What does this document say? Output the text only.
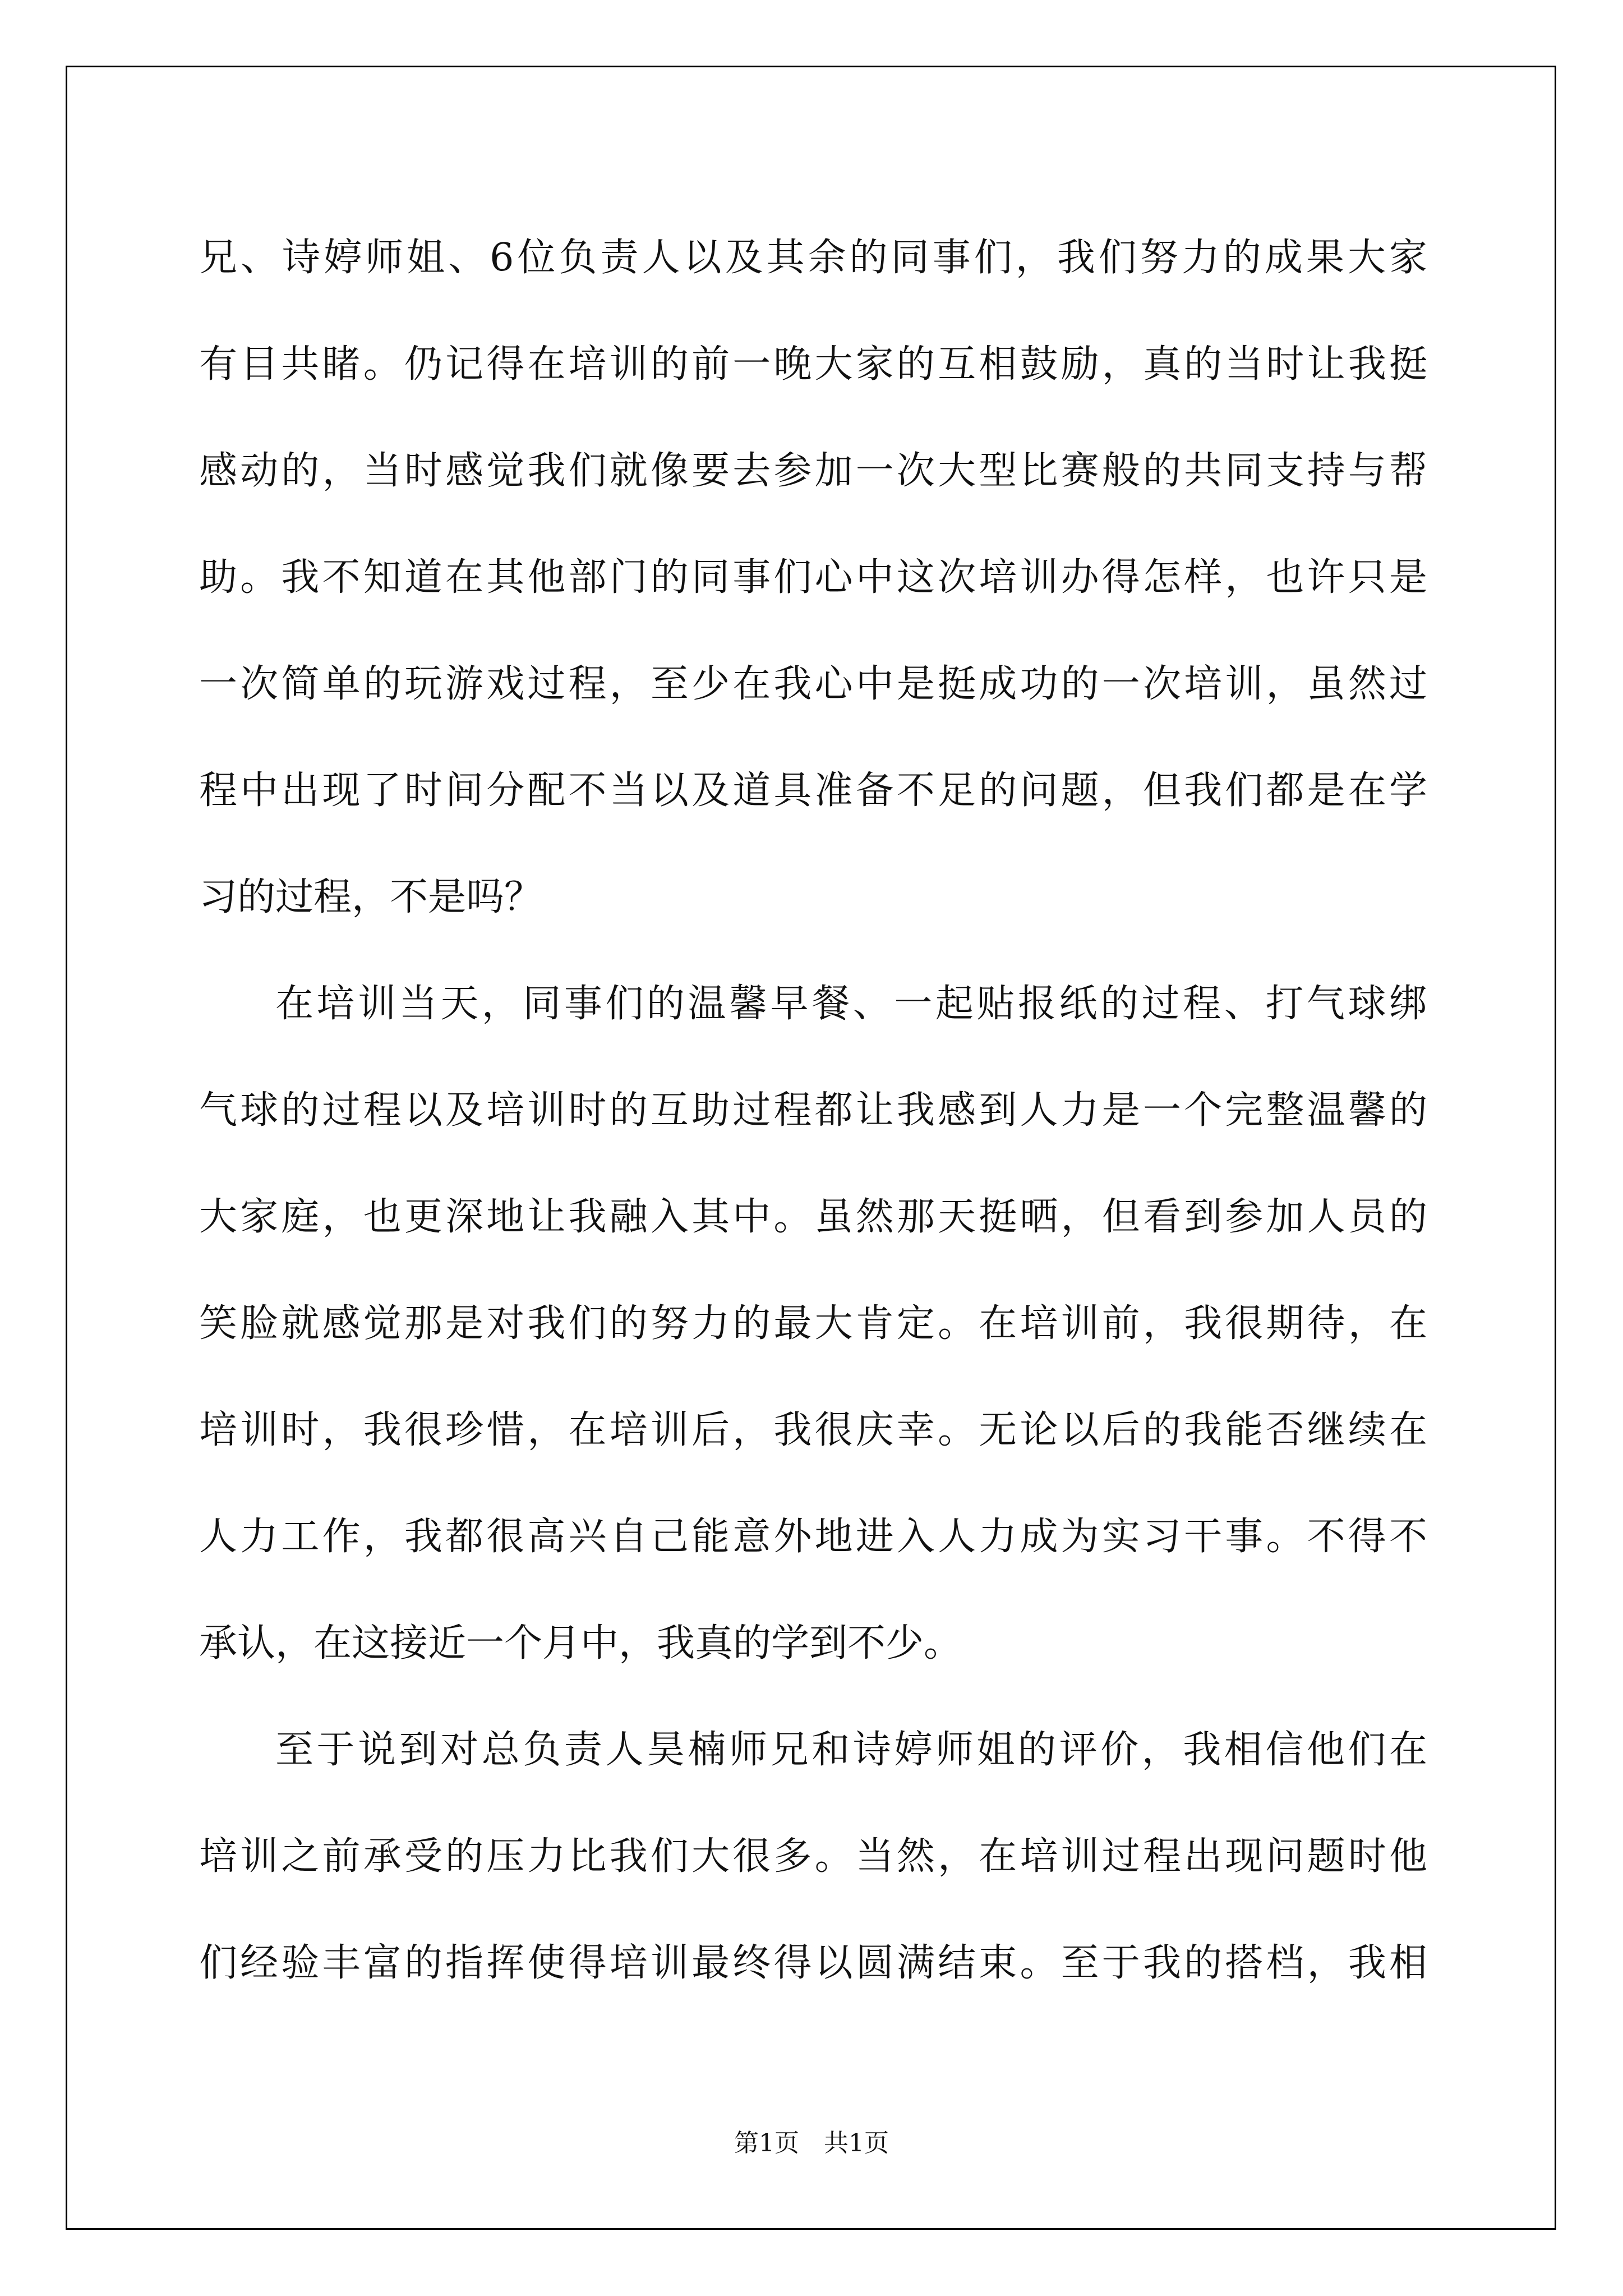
兄、诗婷师姐、6位负责人以及其余的同事们，我们努力的成果大家
有目共睹。仍记得在培训的前一晚大家的互相鼓励，真的当时让我挺
感动的，当时感觉我们就像要去参加一次大型比赛般的共同支持与帮
助。我不知道在其他部门的同事们心中这次培训办得怎样，也许只是
一次简单的玩游戏过程，至少在我心中是挺成功的一次培训，虽然过
程中出现了时间分配不当以及道具准备不足的问题，但我们都是在学
习的过程，不是吗？
在培训当天，同事们的温馨早餐、一起贴报纸的过程、打气球绑
气球的过程以及培训时的互助过程都让我感到人力是一个完整温馨的
大家庭，也更深地让我融入其中。虽然那天挺晒，但看到参加人员的
笑脸就感觉那是对我们的努力的最大肯定。在培训前，我很期待，在
培训时，我很珍惜，在培训后，我很庆幸。无论以后的我能否继续在
人力工作，我都很高兴自己能意外地进入人力成为实习干事。不得不
承认，在这接近一个月中，我真的学到不少。
至于说到对总负责人昊楠师兄和诗婷师姐的评价，我相信他们在
培训之前承受的压力比我们大很多。当然，在培训过程出现问题时他
们经验丰富的指挥使得培训最终得以圆满结束。至于我的搭档，我相
第1页　共1页
